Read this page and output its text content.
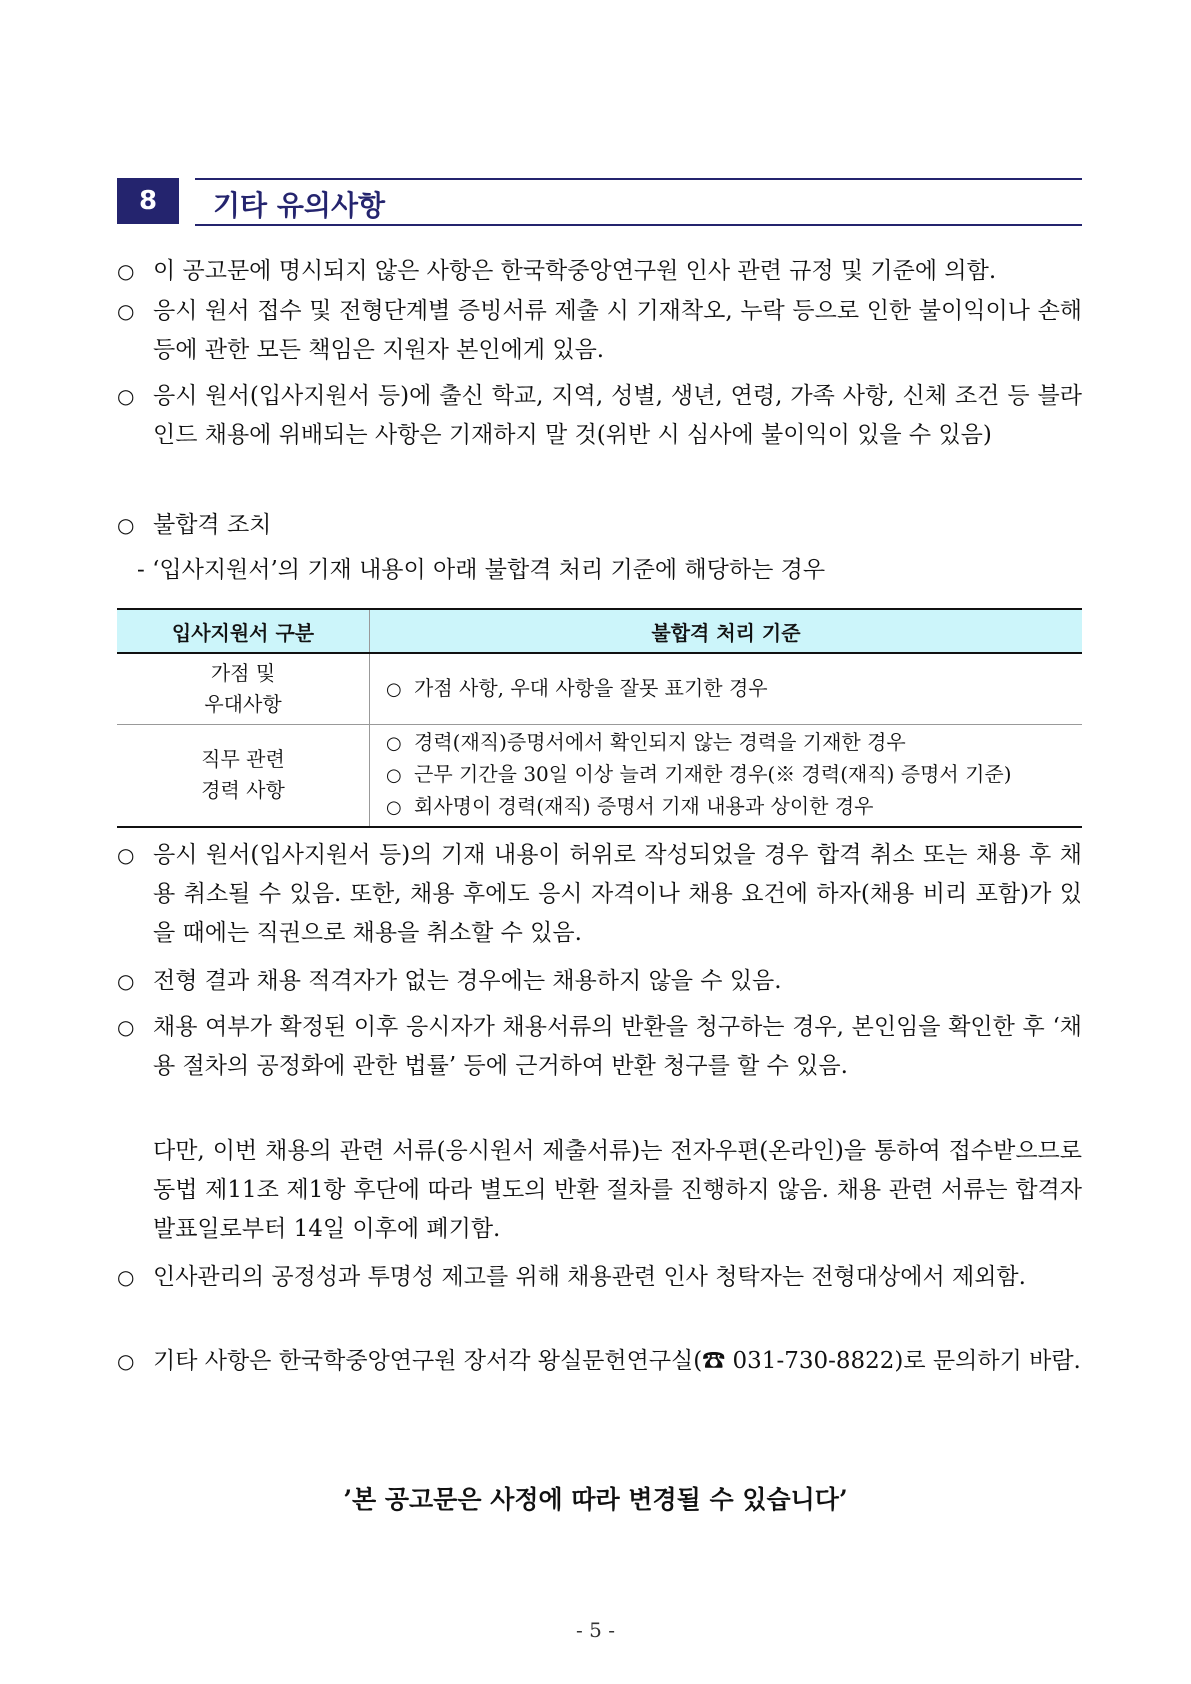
8	기타 유의사항
○ 이 공고문에 명시되지 않은 사항은 한국학중앙연구원 인사 관련 규정 및 기준에 의함.
○ 응시 원서 접수 및 전형단계별 증빙서류 제출 시 기재착오, 누락 등으로 인한 불이익이나 손해 등에 관한 모든 책임은 지원자 본인에게 있음.
○ 응시 원서(입사지원서 등)에 출신 학교, 지역, 성별, 생년, 연령, 가족 사항, 신체 조건 등 블라인드 채용에 위배되는 사항은 기재하지 말 것(위반 시 심사에 불이익이 있을 수 있음)
○ 불합격 조치
- ‘입사지원서’의 기재 내용이 아래 불합격 처리 기준에 해당하는 경우
입사지원서 구분	불합격 처리 기준
가점 및
우대사항	○ 가점 사항, 우대 사항을 잘못 표기한 경우

직무 관련
경력 사항	○ 경력(재직)증명서에서 확인되지 않는 경력을 기재한 경우
○ 근무 기간을 30일 이상 늘려 기재한 경우(※ 경력(재직) 증명서 기준)
○ 회사명이 경력(재직) 증명서 기재 내용과 상이한 경우
○ 응시 원서(입사지원서 등)의 기재 내용이 허위로 작성되었을 경우 합격 취소 또는 채용 후 채용 취소될 수 있음. 또한, 채용 후에도 응시 자격이나 채용 요건에 하자(채용 비리 포함)가 있을 때에는 직권으로 채용을 취소할 수 있음.
○ 전형 결과 채용 적격자가 없는 경우에는 채용하지 않을 수 있음.
○ 채용 여부가 확정된 이후 응시자가 채용서류의 반환을 청구하는 경우, 본인임을 확인한 후 ‘채용 절차의 공정화에 관한 법률’ 등에 근거하여 반환 청구를 할 수 있음.
다만, 이번 채용의 관련 서류(응시원서 제출서류)는 전자우편(온라인)을 통하여 접수받으므로 동법 제11조 제1항 후단에 따라 별도의 반환 절차를 진행하지 않음. 채용 관련 서류는 합격자 발표일로부터 14일 이후에 폐기함.
○ 인사관리의 공정성과 투명성 제고를 위해 채용관련 인사 청탁자는 전형대상에서 제외함.
○ 기타 사항은 한국학중앙연구원 장서각 왕실문헌연구실(☎ 031-730-8822)로 문의하기 바람.
’본 공고문은 사정에 따라 변경될 수 있습니다’
- 5 -
